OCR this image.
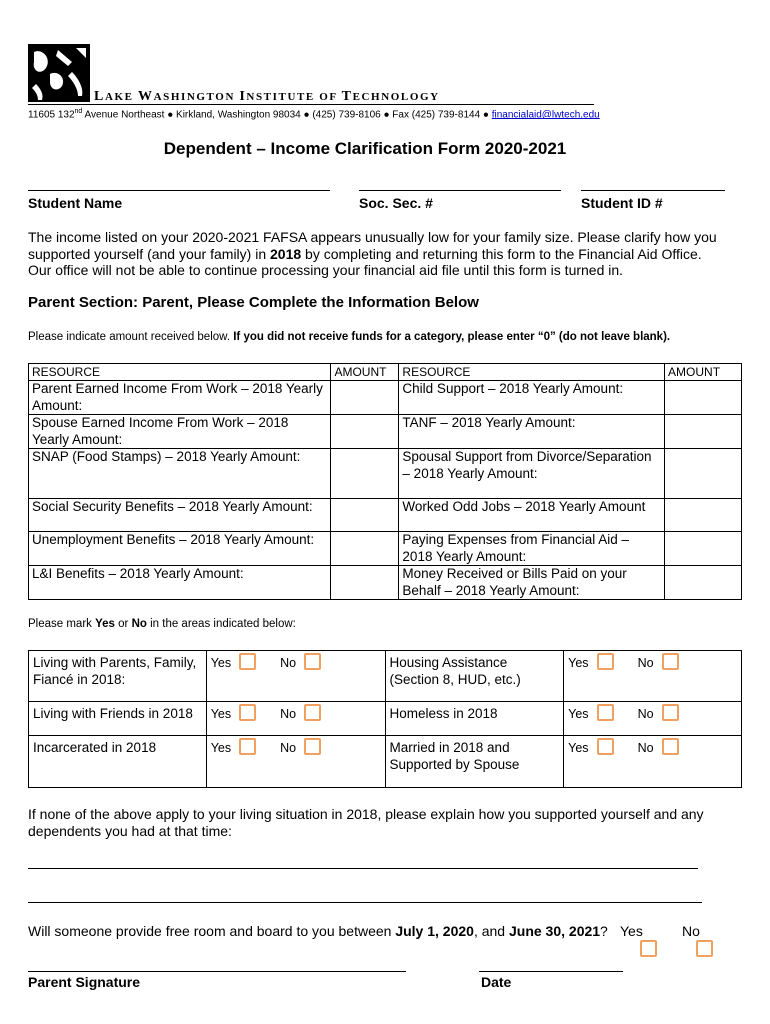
LAKE WASHINGTON INSTITUTE OF TECHNOLOGY
11605 132nd Avenue Northeast ● Kirkland, Washington 98034 ● (425) 739-8106 ● Fax (425) 739-8144 ● financialaid@lwtech.edu
Dependent – Income Clarification Form 2020-2021
Student Name	Soc. Sec. #	Student ID #
The income listed on your 2020-2021 FAFSA appears unusually low for your family size. Please clarify how you
supported yourself (and your family) in 2018 by completing and returning this form to the Financial Aid Office.
Our office will not be able to continue processing your financial aid file until this form is turned in.
Parent Section: Parent, Please Complete the Information Below
Please indicate amount received below. If you did not receive funds for a category, please enter “0” (do not leave blank).
RESOURCE	AMOUNT	RESOURCE	AMOUNT
Parent Earned Income From Work – 2018 Yearly Amount:		Child Support – 2018 Yearly Amount:	
Spouse Earned Income From Work – 2018 Yearly Amount:		TANF – 2018 Yearly Amount:	
SNAP (Food Stamps) – 2018 Yearly Amount:		Spousal Support from Divorce/Separation – 2018 Yearly Amount:	
Social Security Benefits – 2018 Yearly Amount:		Worked Odd Jobs – 2018 Yearly Amount	
Unemployment Benefits – 2018 Yearly Amount:		Paying Expenses from Financial Aid – 2018 Yearly Amount:	
L&I Benefits – 2018 Yearly Amount:		Money Received or Bills Paid on your Behalf – 2018 Yearly Amount:	
Please mark Yes or No in the areas indicated below:
Living with Parents, Family, Fiancé in 2018:	Yes No	Housing Assistance (Section 8, HUD, etc.)	Yes No
Living with Friends in 2018	Yes No	Homeless in 2018	Yes No
Incarcerated in 2018	Yes No	Married in 2018 and Supported by Spouse	Yes No
If none of the above apply to your living situation in 2018, please explain how you supported yourself and any
dependents you had at that time:
Will someone provide free room and board to you between July 1, 2020, and June 30, 2021? Yes	No
Parent Signature	Date
